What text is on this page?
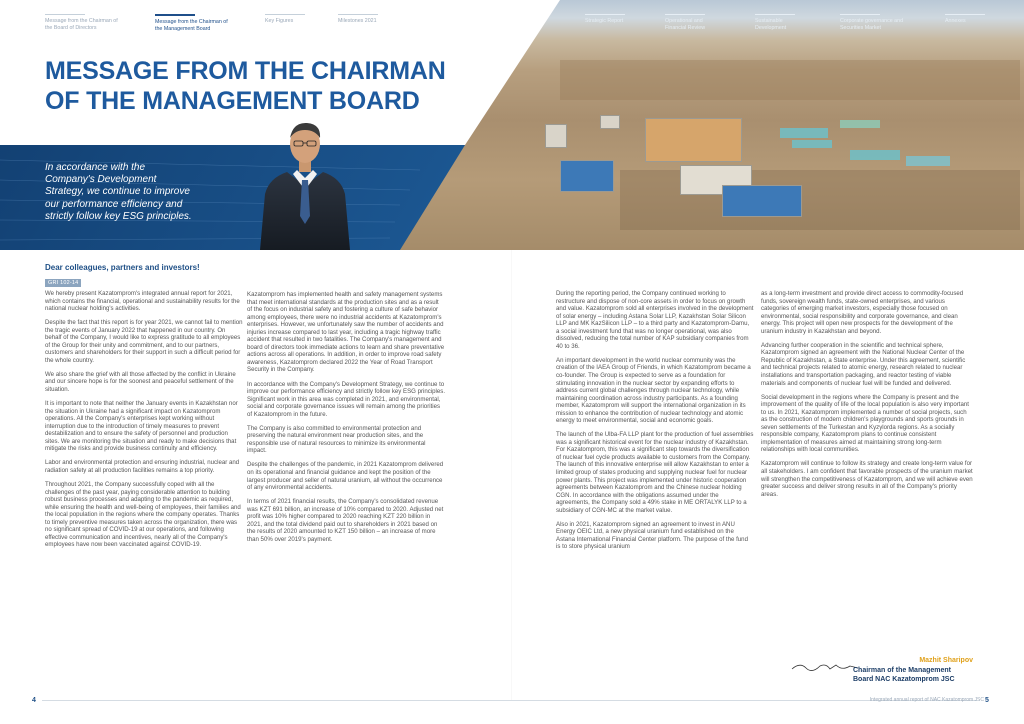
Message from the Chairman of the Board of Directors
Message from the Chairman of the Management Board
Key Figures	Milestones 2021	Strategic Report	Operational and Financial Review
Sustainable Development
Corporate governance and Securities Market
Annexes
MESSAGE FROM THE CHAIRMAN OF THE MANAGEMENT BOARD
In accordance with the Company's Development Strategy, we continue to improve our performance efficiency and strictly follow key ESG principles.
Dear colleagues, partners and investors!
GRI 102-14

We hereby present Kazatomprom's integrated annual report for 2021, which contains the financial, operational and sustainability results for the national nuclear holding's activities.

Despite the fact that this report is for year 2021, we cannot fail to mention the tragic events of January 2022 that happened in our country. On behalf of the Company, I would like to express gratitude to all employees of the Group for their unity and commitment, and to our partners, customers and shareholders for their support in such a difficult period for the whole country.

We also share the grief with all those affected by the conflict in Ukraine and our sincere hope is for the soonest and peaceful settlement of the situation.

It is important to note that neither the January events in Kazakhstan nor the situation in Ukraine had a significant impact on Kazatomprom operations. All the Company's enterprises kept working without interruption due to the introduction of timely measures to prevent destabilization and to ensure the safety of personnel and production sites. We are monitoring the situation and ready to make decisions that mitigate the risks and provide business continuity and efficiency.

Labor and environmental protection and ensuring industrial, nuclear and radiation safety at all production facilities remains a top priority.

Throughout 2021, the Company successfully coped with all the challenges of the past year, paying considerable attention to building robust business processes and adapting to the pandemic as required, while ensuring the health and well-being of employees, their families and the local population in the regions where the company operates. Thanks to timely preventive measures taken across the organization, there was no significant spread of COVID-19 at our operations, and following effective communication and incentives, nearly all of the Company's employees have now been vaccinated against COVID-19.

Kazatomprom has implemented health and safety management systems that meet international standards at the production sites and as a result of the focus on industrial safety and fostering a culture of safe behavior among employees, there were no industrial accidents at Kazatomprom's enterprises. However, we unfortunately saw the number of accidents and injuries increase compared to last year, including a tragic highway traffic accident that resulted in two fatalities. The Company's management and board of directors took immediate actions to learn and share preventative actions across all operations. In addition, in order to improve road safety awareness, Kazatomprom declared 2022 the Year of Road Transport Security in the Company.

In accordance with the Company's Development Strategy, we continue to improve our performance efficiency and strictly follow key ESG principles. Significant work in this area was completed in 2021, and environmental, social and corporate governance issues will remain among the priorities of Kazatomprom in the future.

The Company is also committed to environmental protection and preserving the natural environment near production sites, and the responsible use of natural resources to minimize its environmental impact.

Despite the challenges of the pandemic, in 2021 Kazatomprom delivered on its operational and financial guidance and kept the position of the largest producer and seller of natural uranium, all without the occurrence of any environmental accidents.

In terms of 2021 financial results, the Company's consolidated revenue was KZT 691 billion, an increase of 10% compared to 2020. Adjusted net profit was 10% higher compared to 2020 reaching KZT 220 billion in 2021, and the total dividend paid out to shareholders in 2021 based on the results of 2020 amounted to KZT 150 billion – an increase of more than 50% over 2019's payment.

During the reporting period, the Company continued working to restructure and dispose of non-core assets in order to focus on growth and value. Kazatomprom sold all enterprises involved in the development of solar energy – including Astana Solar LLP, Kazakhstan Solar Silicon LLP and MK KazSilicon LLP – to a third party and Kazatomprom-Damu, a social investment fund that was no longer operational, was also dissolved, reducing the total number of KAP subsidiary companies from 40 to 36.

An important development in the world nuclear community was the creation of the IAEA Group of Friends, in which Kazatomprom became a co-founder. The Group is expected to serve as a foundation for stimulating innovation in the nuclear sector by expanding efforts to address current global challenges through nuclear technology, while maintaining coordination across industry participants. As a founding member, Kazatomprom will support the international organization in its mission to enhance the contribution of nuclear technology and atomic energy to meet environmental, social and economic goals.

The launch of the Ulba-FA LLP plant for the production of fuel assemblies was a significant historical event for the nuclear industry of Kazakhstan. For Kazatomprom, this was a significant step towards the diversification of nuclear fuel cycle products available to customers from the Company. The launch of this innovative enterprise will allow Kazakhstan to enter a limited group of states producing and supplying nuclear fuel for nuclear power plants. This project was implemented under historic cooperation agreements between Kazatomprom and the Chinese nuclear holding CGN. In accordance with the obligations assumed under the agreements, the Company sold a 49% stake in ME ORTALYK LLP to a subsidiary of CGN-MC at the market value.

Also in 2021, Kazatomprom signed an agreement to invest in ANU Energy OEIC Ltd, a new physical uranium fund established on the Astana International Financial Center platform. The purpose of the fund is to store physical uranium

as a long-term investment and provide direct access to commodity-focused funds, sovereign wealth funds, state-owned enterprises, and various categories of emerging market investors, especially those focused on environmental, social responsibility and corporate governance, and clean energy. This project will open new prospects for the development of the uranium industry in Kazakhstan and beyond.

Advancing further cooperation in the scientific and technical sphere, Kazatomprom signed an agreement with the National Nuclear Center of the Republic of Kazakhstan, a State enterprise. Under this agreement, scientific and technical projects related to atomic energy, research related to nuclear installations and transportation packaging, and reactor testing of viable materials and components of nuclear fuel will be funded and delivered.

Social development in the regions where the Company is present and the improvement of the quality of life of the local population is also very important to us. In 2021, Kazatomprom implemented a number of social projects, such as the construction of modern children's playgrounds and sports grounds in seven settlements of the Turkestan and Kyzylorda regions. As a socially responsible company, Kazatomprom plans to continue consistent implementation of measures aimed at maintaining strong long-term relationships with local communities.

Kazatomprom will continue to follow its strategy and create long-term value for all stakeholders. I am confident that favorable prospects of the uranium market will strengthen the competitiveness of Kazatomprom, and we will achieve even greater success and deliver strong results in all of the Company's priority areas.

Mazhit Sharipov
Chairman of the Management Board NAC Kazatomprom JSC
4	Integrated annual report of NAC Kazatomprom JSC 5
